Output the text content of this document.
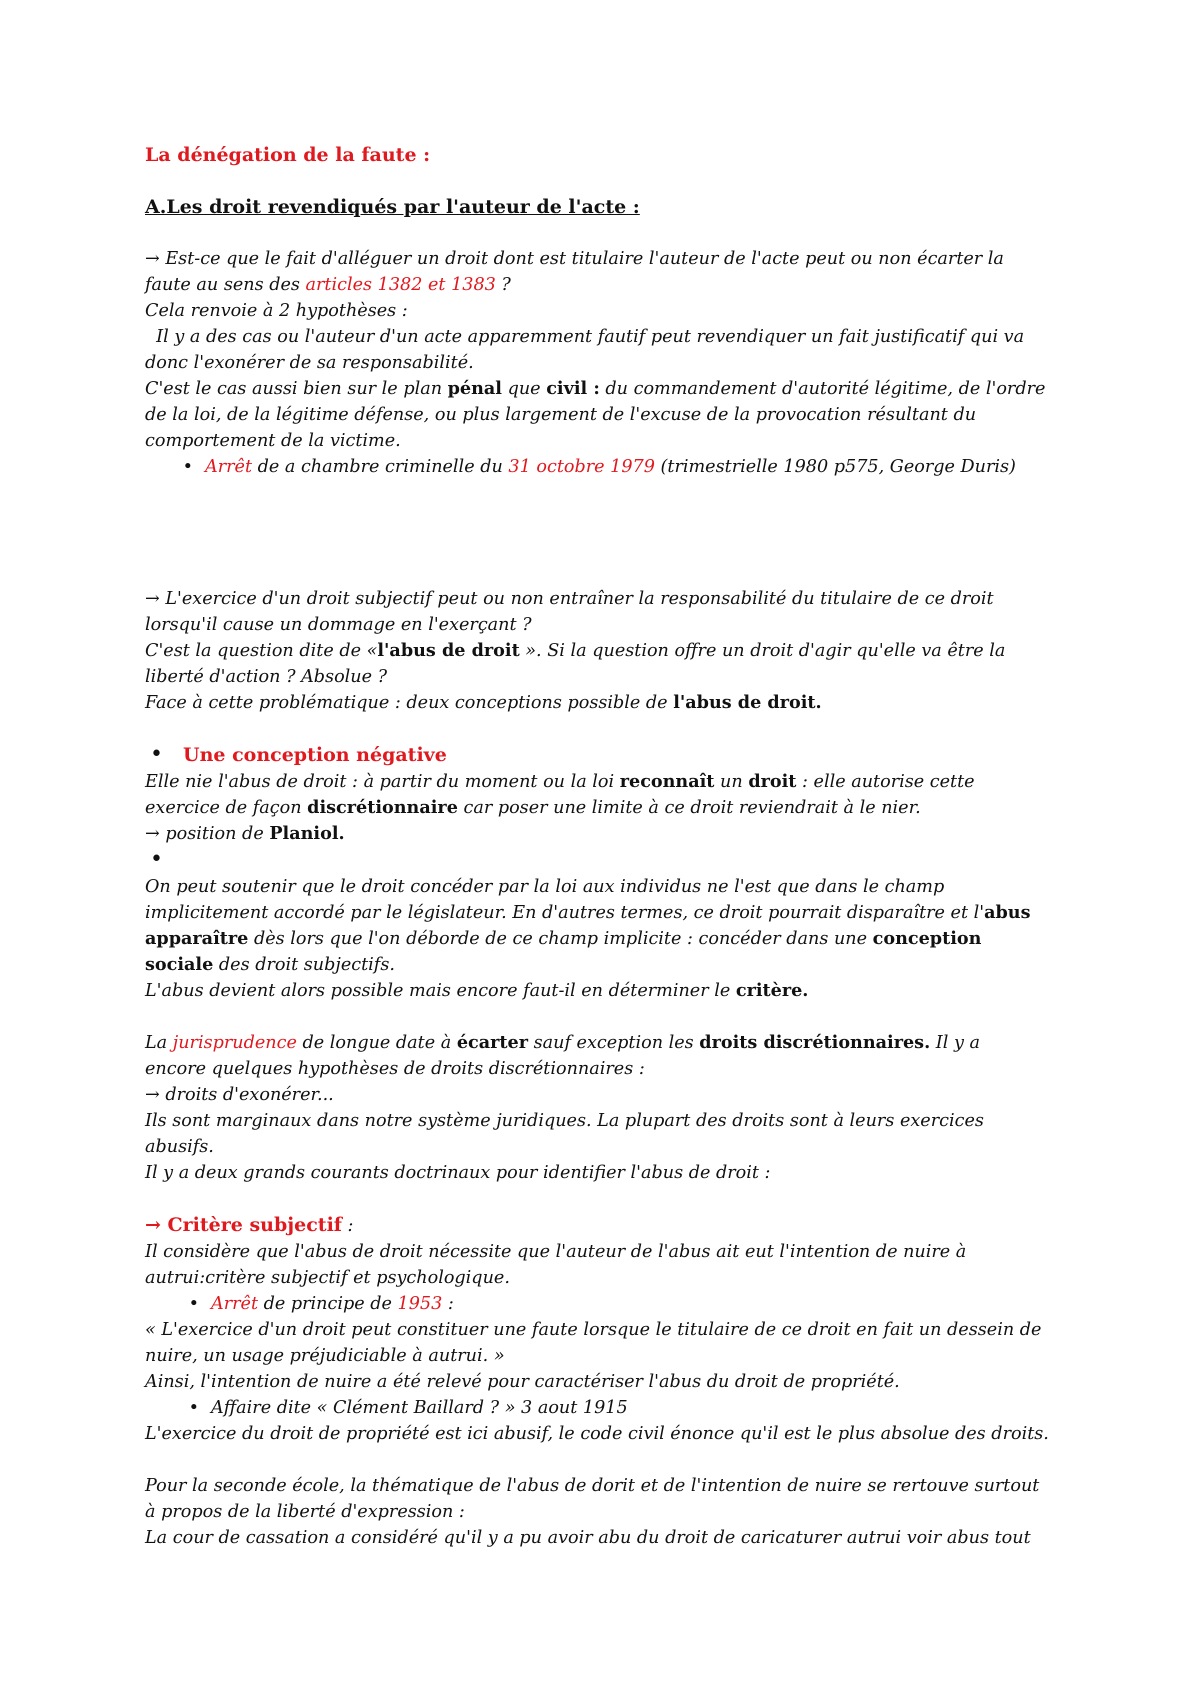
La dénégation de la faute :

A.Les droit revendiqués par l'auteur de l'acte :

→ Est-ce que le fait d'alléguer un droit dont est titulaire l'auteur de l'acte peut ou non écarter la

faute au sens des articles 1382 et 1383 ?

Cela renvoie à 2 hypothèses :

Il y a des cas ou l'auteur d'un acte apparemment fautif peut revendiquer un fait justificatif qui va

donc l'exonérer de sa responsabilité.

C'est le cas aussi bien sur le plan pénal que civil : du commandement d'autorité légitime, de l'ordre

de la loi, de la légitime défense, ou plus largement de l'excuse de la provocation résultant du

comportement de la victime.

• Arrêt de a chambre criminelle du 31 octobre 1979 (trimestrielle 1980 p575, George Duris)

→ L'exercice d'un droit subjectif peut ou non entraîner la responsabilité du titulaire de ce droit

lorsqu'il cause un dommage en l'exerçant ?

C'est la question dite de «l'abus de droit ». Si la question offre un droit d'agir qu'elle va être la

liberté d'action ? Absolue ?

Face à cette problématique : deux conceptions possible de l'abus de droit.

• Une conception négative

Elle nie l'abus de droit : à partir du moment ou la loi reconnaît un droit : elle autorise cette

exercice de façon discrétionnaire car poser une limite à ce droit reviendrait à le nier.

→ position de Planiol.

•

On peut soutenir que le droit concéder par la loi aux individus ne l'est que dans le champ

implicitement accordé par le législateur. En d'autres termes, ce droit pourrait disparaître et l'abus

apparaître dès lors que l'on déborde de ce champ implicite : concéder dans une conception

sociale des droit subjectifs.

L'abus devient alors possible mais encore faut-il en déterminer le critère.

La jurisprudence de longue date à écarter sauf exception les droits discrétionnaires. Il y a

encore quelques hypothèses de droits discrétionnaires :

→ droits d'exonérer...

Ils sont marginaux dans notre système juridiques. La plupart des droits sont à leurs exercices

abusifs.

Il y a deux grands courants doctrinaux pour identifier l'abus de droit :

→ Critère subjectif :

Il considère que l'abus de droit nécessite que l'auteur de l'abus ait eut l'intention de nuire à

autrui:critère subjectif et psychologique.

• Arrêt de principe de 1953 :

« L'exercice d'un droit peut constituer une faute lorsque le titulaire de ce droit en fait un dessein de

nuire, un usage préjudiciable à autrui. »

Ainsi, l'intention de nuire a été relevé pour caractériser l'abus du droit de propriété.

• Affaire dite « Clément Baillard ? » 3 aout 1915

L'exercice du droit de propriété est ici abusif, le code civil énonce qu'il est le plus absolue des droits.

Pour la seconde école, la thématique de l'abus de dorit et de l'intention de nuire se rertouve surtout

à propos de la liberté d'expression :

La cour de cassation a considéré qu'il y a pu avoir abu du droit de caricaturer autrui voir abus tout
